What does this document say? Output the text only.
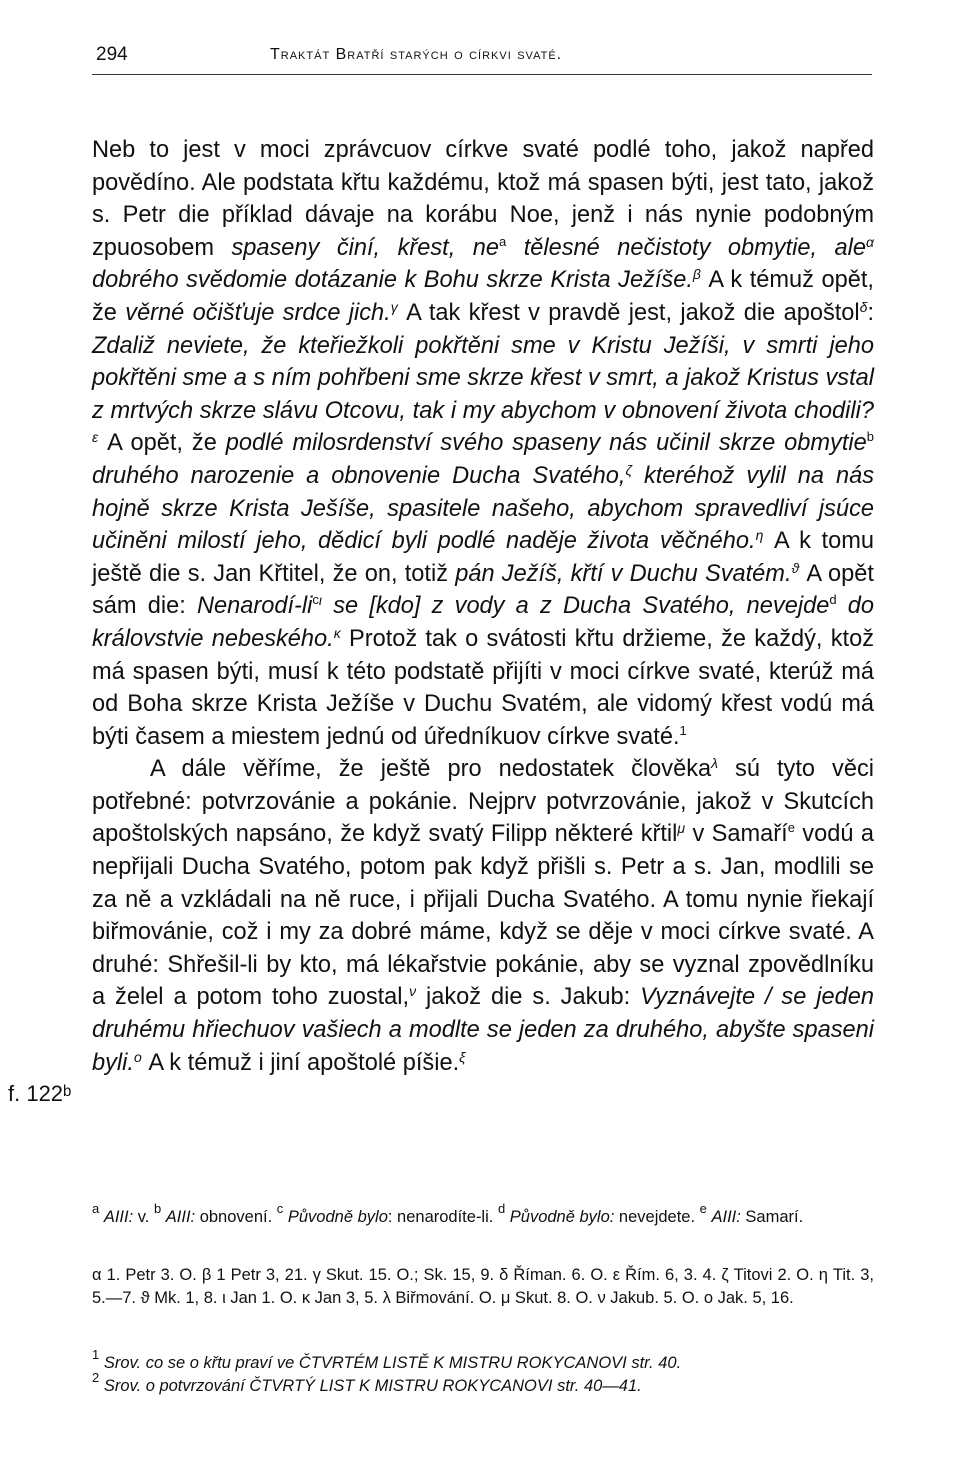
294	Traktát Bratří starých o církvi svaté.

Neb to jest v moci zprávcuov církve svaté podlé toho, jakož napřed povědíno. Ale podstata křtu každému, ktož má spasen býti, jest tato, jakož s. Petr die příklad dávaje na korábu Noe, jenž i nás nynie podobným zpuosobem spaseny činí, křest, $ne^a$ tělesné nečistoty obmytie, ale$^\alpha$ dobrého svědomie dotázanie k Bohu skrze Krista Ježíše.$^\beta$ A k témuž opět, že věrné očišťuje srdce jich.$^\gamma$ A tak křest v pravdě jest, jakož die apoštol$^\delta$: Zdaliž neviete, že kteřiežkoli pokřtěni sme v Kristu Ježíši, v smrti jeho pokřtěni sme a s ním pohřbeni sme skrze křest v smrt, a jakož Kristus vstal z mrtvých skrze slávu Otcovu, tak i my abychom v obnovení života chodili?$^\varepsilon$ A opět, že podlé milosrdenství svého spaseny nás učinil skrze obmytie$^b$ druhého narozenie a obnovenie Ducha Svatého,$^\zeta$ kteréhož vylil na nás hojně skrze Krista Ješíše, spasitele našeho, abychom spravedliví jsúce učiněni milostí jeho, dědicí byli podlé naděje života věčného.$^\eta$ A k tomu ještě die s. Jan Křtitel, že on, totiž pán Ježíš, křtí v Duchu Svatém.$^ϑ$ A opět sám die: Nenarodí-$li^{c\iota}$ se [kdo] z vody a z Ducha Svatého, nevejde$^d$ do královstvie nebeského.$^\kappa$ Protož tak o svátosti křtu držieme, že každý, ktož má spasen býti, musí k této podstatě přijíti v moci církve svaté, kterúž má od Boha skrze Krista Ježíše v Duchu Svatém, ale vidomý křest vodú má býti časem a miestem jednú od úředníkuov církve svaté.$^1$

A dále věříme, že ještě pro nedostatek člověka$^\lambda$ sú tyto věci potřebné: potvrzovánie a pokánie. Nejprv potvrzovánie, jakož v Skutcích apoštolských napsáno, že když svatý Filipp některé křtil$^\mu$ v Samaří$^e$ vodú a nepřijali Ducha Svatého, potom pak když přišli s. Petr a s. Jan, modlili se za ně a vzkládali na ně ruce, i přijali Ducha Svatého. A tomu nynie řiekají biřmovánie, což i my za dobré máme, když se děje v moci církve svaté. A druhé: Shřešil-li by kto, má lékařstvie pokánie, aby se vyznal zpovědlníku a želel a potom toho zuostal,$^\nu$ jakož die s. Jakub: Vyznávejte / se jeden druhému hřiechuov vašiech a modlte se jeden za druhého, abyšte spaseni byli.$^o$ A k témuž i jiní apoštolé píšie.$^\xi$

f. 122ᵇ

$^a$ AIII: v. $^b$ AIII: obnovení. $^c$ Původně bylo: nenarodíte-li. $^d$ Původně bylo: nevejdete. $^e$ AIII: Samarí.

α 1. Petr 3. O. β 1 Petr 3, 21. γ Skut. 15. O.; Sk. 15, 9. δ Říman. 6. O. ε Řím. 6, 3. 4. ζ Titovi 2. O. η Tit. 3, 5.—7. ϑ Mk. 1, 8. ι Jan 1. O. κ Jan 3, 5. λ Biřmování. O. μ Skut. 8. O. ν Jakub. 5. O. ο Jak. 5, 16.

$^1$ Srov. co se o křtu praví ve ČTVRTÉM LISTĚ K MISTRU ROKYCANOVI str. 40.

$^2$ Srov. o potvrzování ČTVRTÝ LIST K MISTRU ROKYCANOVI str. 40—41.
